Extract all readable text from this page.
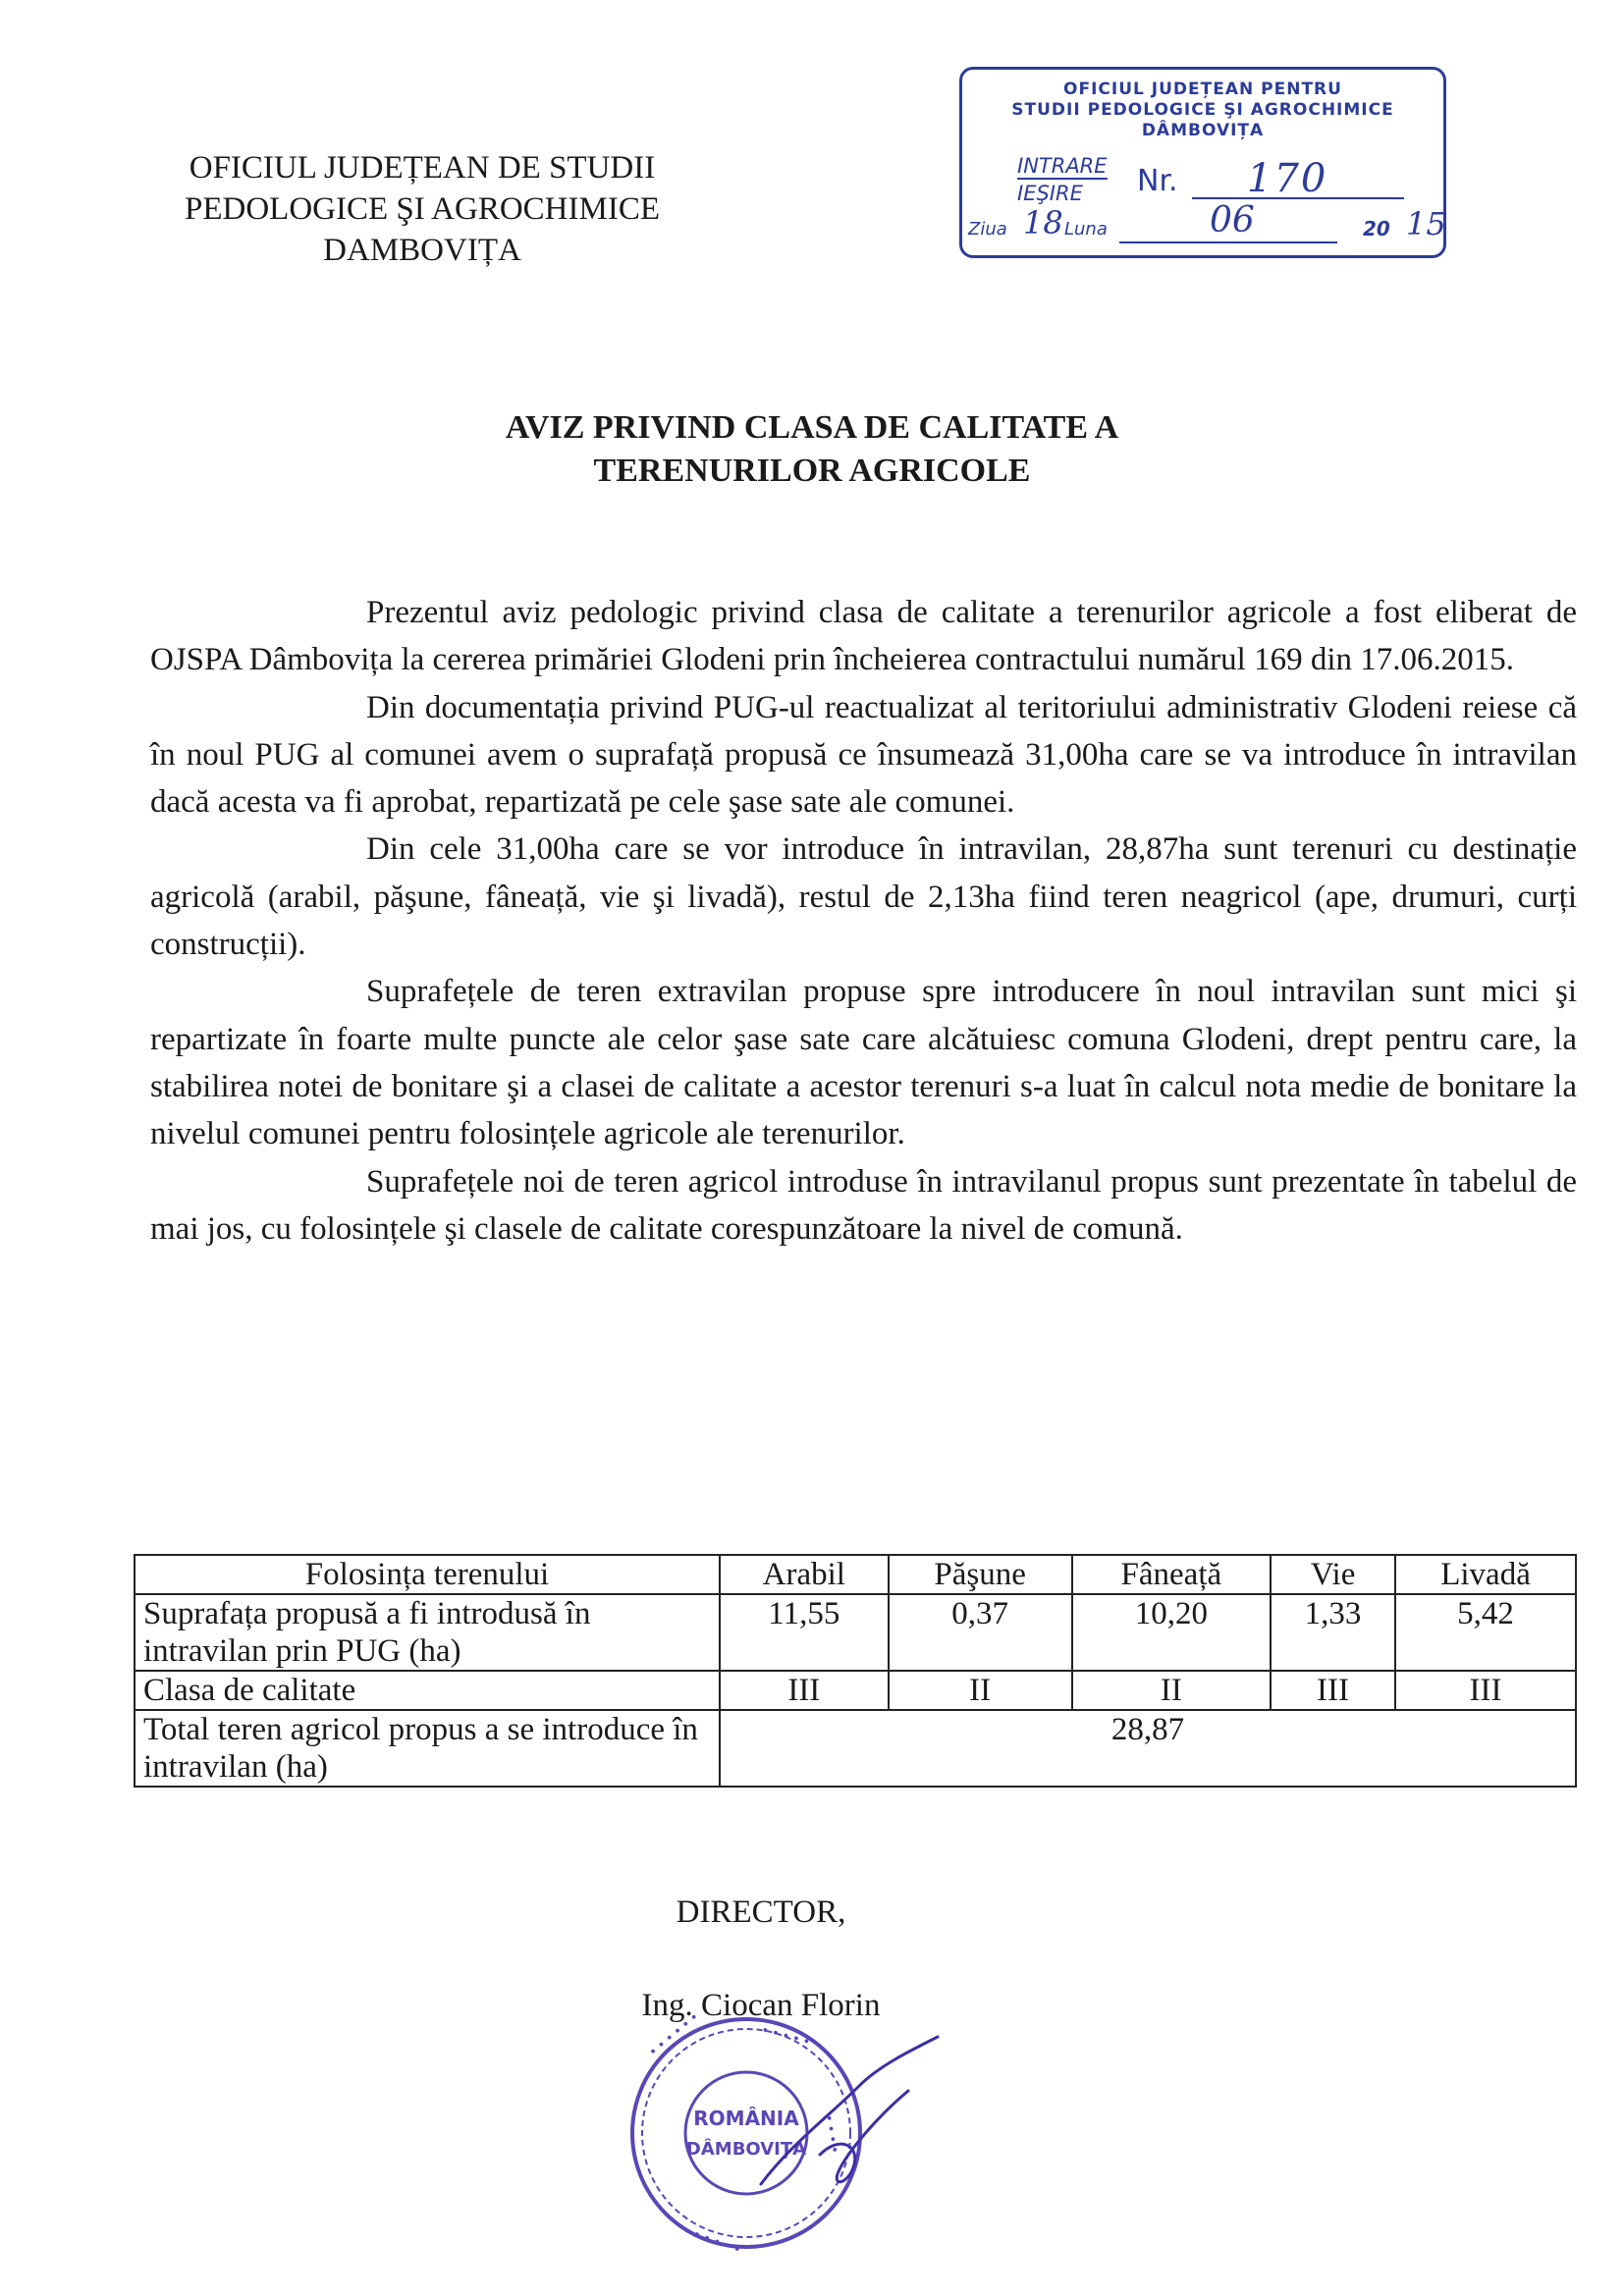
OFICIUL JUDEȚEAN DE STUDII
PEDOLOGICE ŞI AGROCHIMICE
DAMBOVIȚA
OFICIUL JUDEȚEAN PENTRU
STUDII PEDOLOGICE ŞI AGROCHIMICE
DÂMBOVIȚA
INTRARE
IEŞIRE Nr. 170
Ziua 18 Luna	06	20 15
AVIZ PRIVIND CLASA DE CALITATE A
TERENURILOR AGRICOLE

Prezentul aviz pedologic privind clasa de calitate a terenurilor agricole a fost eliberat de OJSPA Dâmbovița la cererea primăriei Glodeni prin încheierea contractului numărul 169 din 17.06.2015.

Din documentația privind PUG-ul reactualizat al teritoriului administrativ Glodeni reiese că în noul PUG al comunei avem o suprafață propusă ce însumează 31,00ha care se va introduce în intravilan dacă acesta va fi aprobat, repartizată pe cele şase sate ale comunei.

Din cele 31,00ha care se vor introduce în intravilan, 28,87ha sunt terenuri cu destinație agricolă (arabil, păşune, fâneață, vie şi livadă), restul de 2,13ha fiind teren neagricol (ape, drumuri, curți construcții).

Suprafețele de teren extravilan propuse spre introducere în noul intravilan sunt mici şi repartizate în foarte multe puncte ale celor şase sate care alcătuiesc comuna Glodeni, drept pentru care, la stabilirea notei de bonitare şi a clasei de calitate a acestor terenuri s-a luat în calcul nota medie de bonitare la nivelul comunei pentru folosințele agricole ale terenurilor.

Suprafețele noi de teren agricol introduse în intravilanul propus sunt prezentate în tabelul de mai jos, cu folosințele şi clasele de calitate corespunzătoare la nivel de comună.

Folosința terenului	Arabil	Păşune	Fâneață	Vie	Livadă
Suprafața propusă a fi introdusă în intravilan prin PUG (ha)	11,55	0,37	10,20	1,33	5,42
Clasa de calitate	III	II	II	III	III
Total teren agricol propus a se introduce în intravilan (ha)	28,87				
DIRECTOR,
Ing. Ciocan Florin
• • • • • •	• • • • •
• • • •
• • • • • •
ROMÂNIA
DÂMBOVIȚA
